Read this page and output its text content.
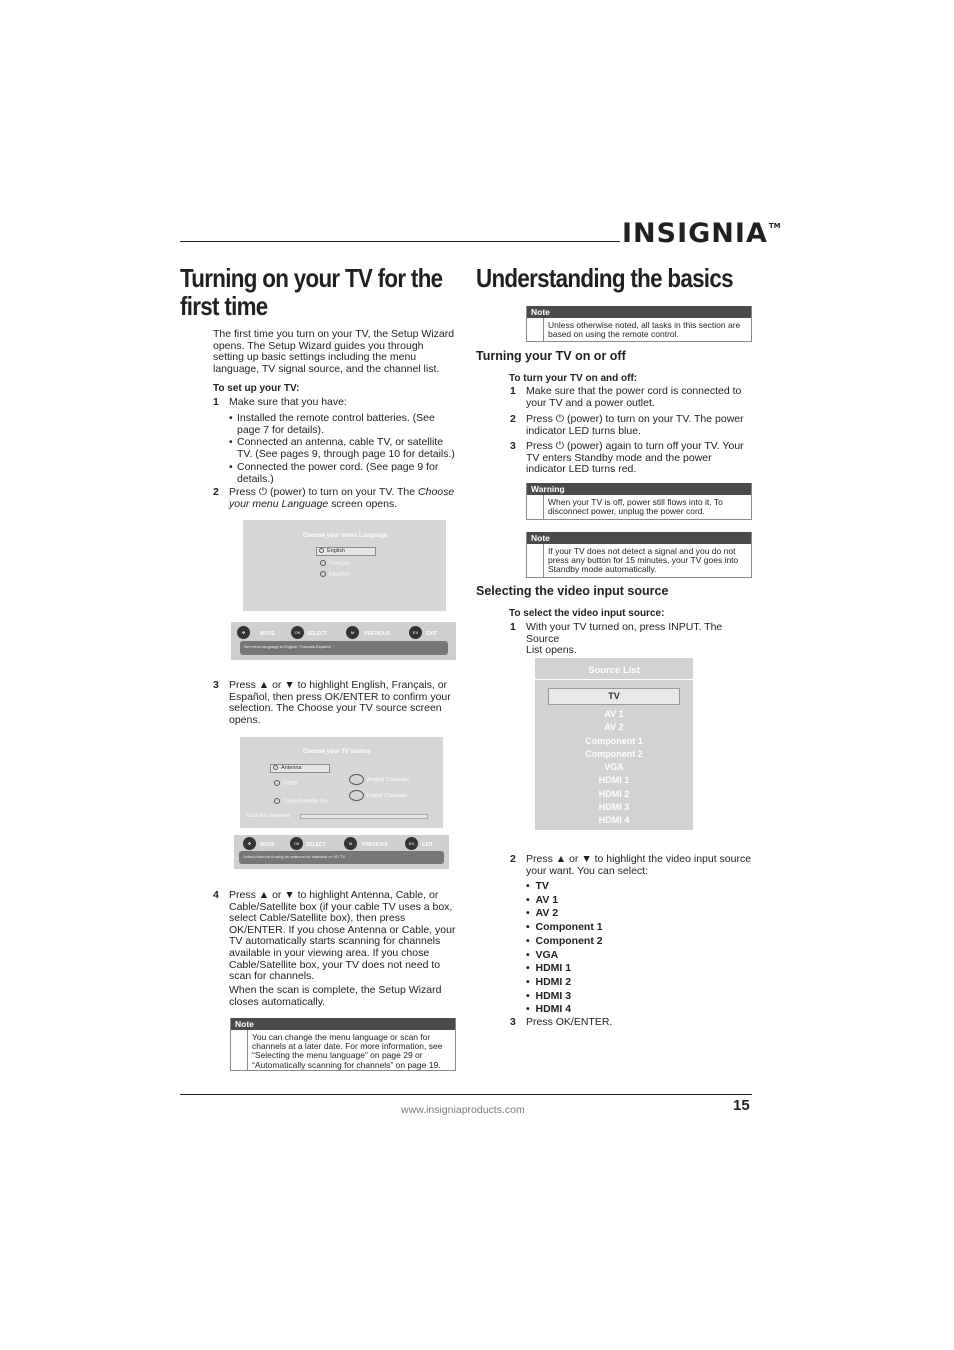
INSIGNIA™
Turning on your TV for the
first time
The first time you turn on your TV, the Setup Wizard
opens. The Setup Wizard guides you through
setting up basic settings including the menu
language, TV signal source, and the channel list.
To set up your TV:
1 Make sure that you have:
• Installed the remote control batteries. (See
page 7 for details).
• Connected an antenna, cable TV, or satellite
TV. (See pages 9, through page 10 for details.)
• Connected the power cord. (See page 9 for
details.)
2 Press ⏻ (power) to turn on your TV. The Choose
your menu Language screen opens.
Choose your menu Language
English
Français
Español
✥	MOVE	OK	SELECT	M	PREVIOUS	EX	EXIT
Set menu language to English, Français,Español
3 Press ▲ or ▼ to highlight English, Français, or
Español, then press OK/ENTER to confirm your
selection. The Choose your TV source screen
opens.
Choose your TV source
Antenna
Cable
Cable/Satellite box
Analog Channels
Digital Channels
Scan for channels
✥	MOVE	OK	SELECT	M	PREVIOUS	EX	EXIT
Select Antenna if using an antenna for standard or HD TV
4 Press ▲ or ▼ to highlight Antenna, Cable, or
Cable/Satellite box (if your cable TV uses a box,
select Cable/Satellite box), then press
OK/ENTER. If you chose Antenna or Cable, your
TV automatically starts scanning for channels
available in your viewing area. If you chose
Cable/Satellite box, your TV does not need to
scan for channels.
When the scan is complete, the Setup Wizard
closes automatically.
Note
You can change the menu language or scan for
channels at a later date. For more information, see
“Selecting the menu language” on page 29 or
“Automatically scanning for channels” on page 19.
Understanding the basics
Note
Unless otherwise noted, all tasks in this section are
based on using the remote control.
Turning your TV on or off
To turn your TV on and off:
1 Make sure that the power cord is connected to
your TV and a power outlet.
2 Press ⏻ (power) to turn on your TV. The power
indicator LED turns blue.
3 Press ⏻ (power) again to turn off your TV. Your
TV enters Standby mode and the power
indicator LED turns red.
Warning
When your TV is off, power still flows into it. To
disconnect power, unplug the power cord.
Note
If your TV does not detect a signal and you do not
press any button for 15 minutes, your TV goes into
Standby mode automatically.
Selecting the video input source
To select the video input source:
1 With your TV turned on, press INPUT. The Source
List opens.
Source List
TV
AV 1
AV 2
Component 1
Component 2
VGA
HDMI 1
HDMI 2
HDMI 3
HDMI 4
2 Press ▲ or ▼ to highlight the video input source
your want. You can select:
•  TV
•  AV 1
•  AV 2
•  Component 1
•  Component 2
•  VGA
•  HDMI 1
•  HDMI 2
•  HDMI 3
•  HDMI 4
3 Press OK/ENTER.
www.insigniaproducts.com	15
